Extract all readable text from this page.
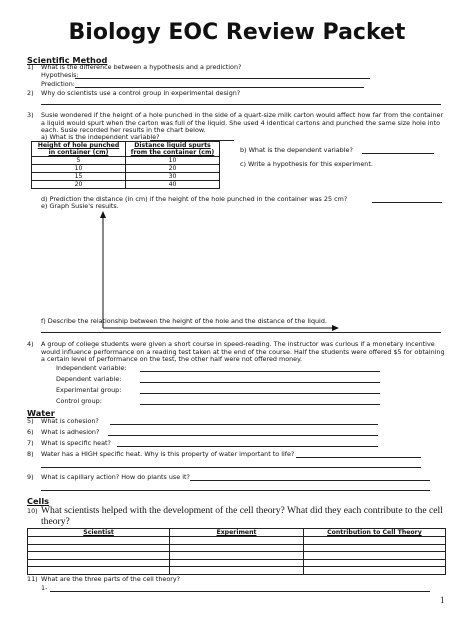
Biology EOC Review Packet
Scientific Method
1) What is the difference between a hypothesis and a prediction?
Hypothesis:
Prediction:
2) Why do scientists use a control group in experimental design?
3) Susie wondered if the height of a hole punched in the side of a quart-size milk carton would affect how far from the container a liquid would spurt when the carton was full of the liquid. She used 4 identical cartons and punched the same size hole into each. Susie recorded her results in the chart below.
a) What is the independent variable?
Height of hole punched in container (cm)	Distance liquid spurts from the container (cm)
5	10
10	20
15	30
20	40
b) What is the dependent variable?
c) Write a hypothesis for this experiment.
d) Prediction the distance (in cm) if the height of the hole punched in the container was 25 cm?
e) Graph Susie's results.
f) Describe the relationship between the height of the hole and the distance of the liquid.
4) A group of college students were given a short course in speed-reading. The instructor was curious if a monetary incentive would influence performance on a reading test taken at the end of the course. Half the students were offered $5 for obtaining a certain level of performance on the test, the other half were not offered money.
Independent variable:
Dependent variable:
Experimental group:
Control group:
Water
5) What is cohesion?
6) What is adhesion?
7) What is specific heat?
8) Water has a HIGH specific heat. Why is this property of water important to life?
9) What is capillary action? How do plants use it?
Cells
10) What scientists helped with the development of the cell theory? What did they each contribute to the cell theory?
Scientist	Experiment	Contribution to Cell Theory

11) What are the three parts of the cell theory?
1-
1
